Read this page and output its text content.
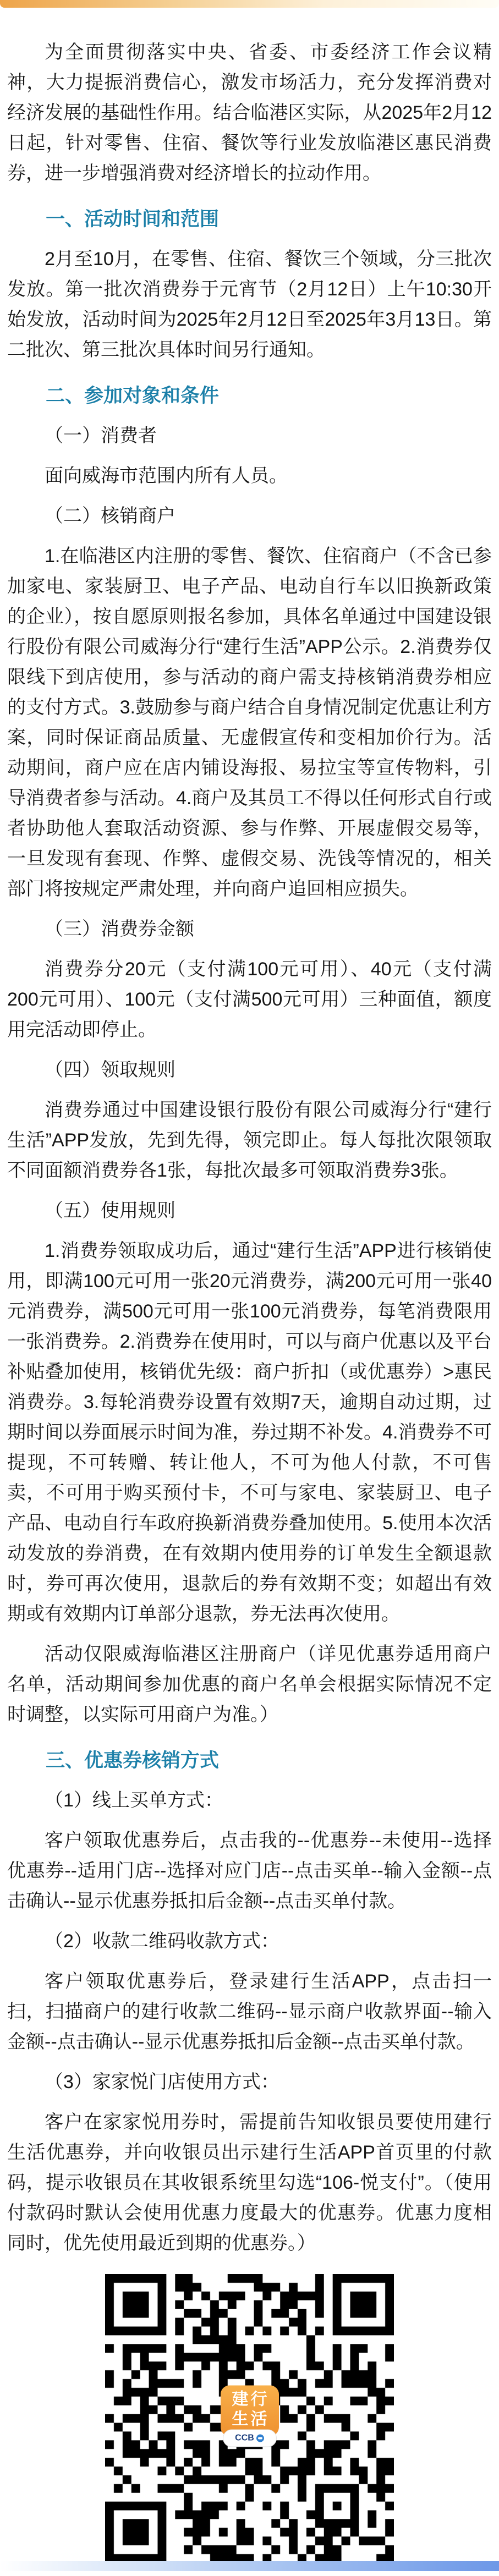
为全面贯彻落实中央、省委、市委经济工作会议精神，大力提振消费信心，激发市场活力，充分发挥消费对经济发展的基础性作用。结合临港区实际，从2025年2月12日起，针对零售、住宿、餐饮等行业发放临港区惠民消费券，进一步增强消费对经济增长的拉动作用。

一、活动时间和范围

2月至10月，在零售、住宿、餐饮三个领域，分三批次发放。第一批次消费券于元宵节（2月12日）上午10:30开始发放，活动时间为2025年2月12日至2025年3月13日。第二批次、第三批次具体时间另行通知。

二、参加对象和条件

（一）消费者

面向威海市范围内所有人员。

（二）核销商户

1.在临港区内注册的零售、餐饮、住宿商户（不含已参加家电、家装厨卫、电子产品、电动自行车以旧换新政策的企业），按自愿原则报名参加，具体名单通过中国建设银行股份有限公司威海分行“建行生活”APP公示。2.消费券仅限线下到店使用，参与活动的商户需支持核销消费券相应的支付方式。3.鼓励参与商户结合自身情况制定优惠让利方案，同时保证商品质量、无虚假宣传和变相加价行为。活动期间，商户应在店内铺设海报、易拉宝等宣传物料，引导消费者参与活动。4.商户及其员工不得以任何形式自行或者协助他人套取活动资源、参与作弊、开展虚假交易等，一旦发现有套现、作弊、虚假交易、洗钱等情况的，相关部门将按规定严肃处理，并向商户追回相应损失。

（三）消费券金额

消费券分20元（支付满100元可用）、40元（支付满200元可用）、100元（支付满500元可用）三种面值，额度用完活动即停止。

（四）领取规则

消费券通过中国建设银行股份有限公司威海分行“建行生活”APP发放，先到先得，领完即止。每人每批次限领取不同面额消费券各1张，每批次最多可领取消费券3张。

（五）使用规则

1.消费券领取成功后，通过“建行生活”APP进行核销使用，即满100元可用一张20元消费券，满200元可用一张40元消费券，满500元可用一张100元消费券，每笔消费限用一张消费券。2.消费券在使用时，可以与商户优惠以及平台补贴叠加使用，核销优先级：商户折扣（或优惠券）>惠民消费券。3.每轮消费券设置有效期7天，逾期自动过期，过期时间以券面展示时间为准，券过期不补发。4.消费券不可提现，不可转赠、转让他人，不可为他人付款，不可售卖，不可用于购买预付卡，不可与家电、家装厨卫、电子产品、电动自行车政府换新消费券叠加使用。5.使用本次活动发放的券消费，在有效期内使用券的订单发生全额退款时，券可再次使用，退款后的券有效期不变；如超出有效期或有效期内订单部分退款，券无法再次使用。

活动仅限威海临港区注册商户（详见优惠券适用商户名单，活动期间参加优惠的商户名单会根据实际情况不定时调整，以实际可用商户为准。）

三、优惠券核销方式

（1）线上买单方式：

客户领取优惠券后，点击我的--优惠券--未使用--选择优惠券--适用门店--选择对应门店--点击买单--输入金额--点击确认--显示优惠券抵扣后金额--点击买单付款。

（2）收款二维码收款方式：

客户领取优惠券后，登录建行生活APP，点击扫一扫，扫描商户的建行收款二维码--显示商户收款界面--输入金额--点击确认--显示优惠券抵扣后金额--点击买单付款。

（3）家家悦门店使用方式：

客户在家家悦用券时，需提前告知收银员要使用建行生活优惠券，并向收银员出示建行生活APP首页里的付款码，提示收银员在其收银系统里勾选“106-悦支付”。（使用付款码时默认会使用优惠力度最大的优惠券。优惠力度相同时，优先使用最近到期的优惠券。）

建行
生活
CCB
